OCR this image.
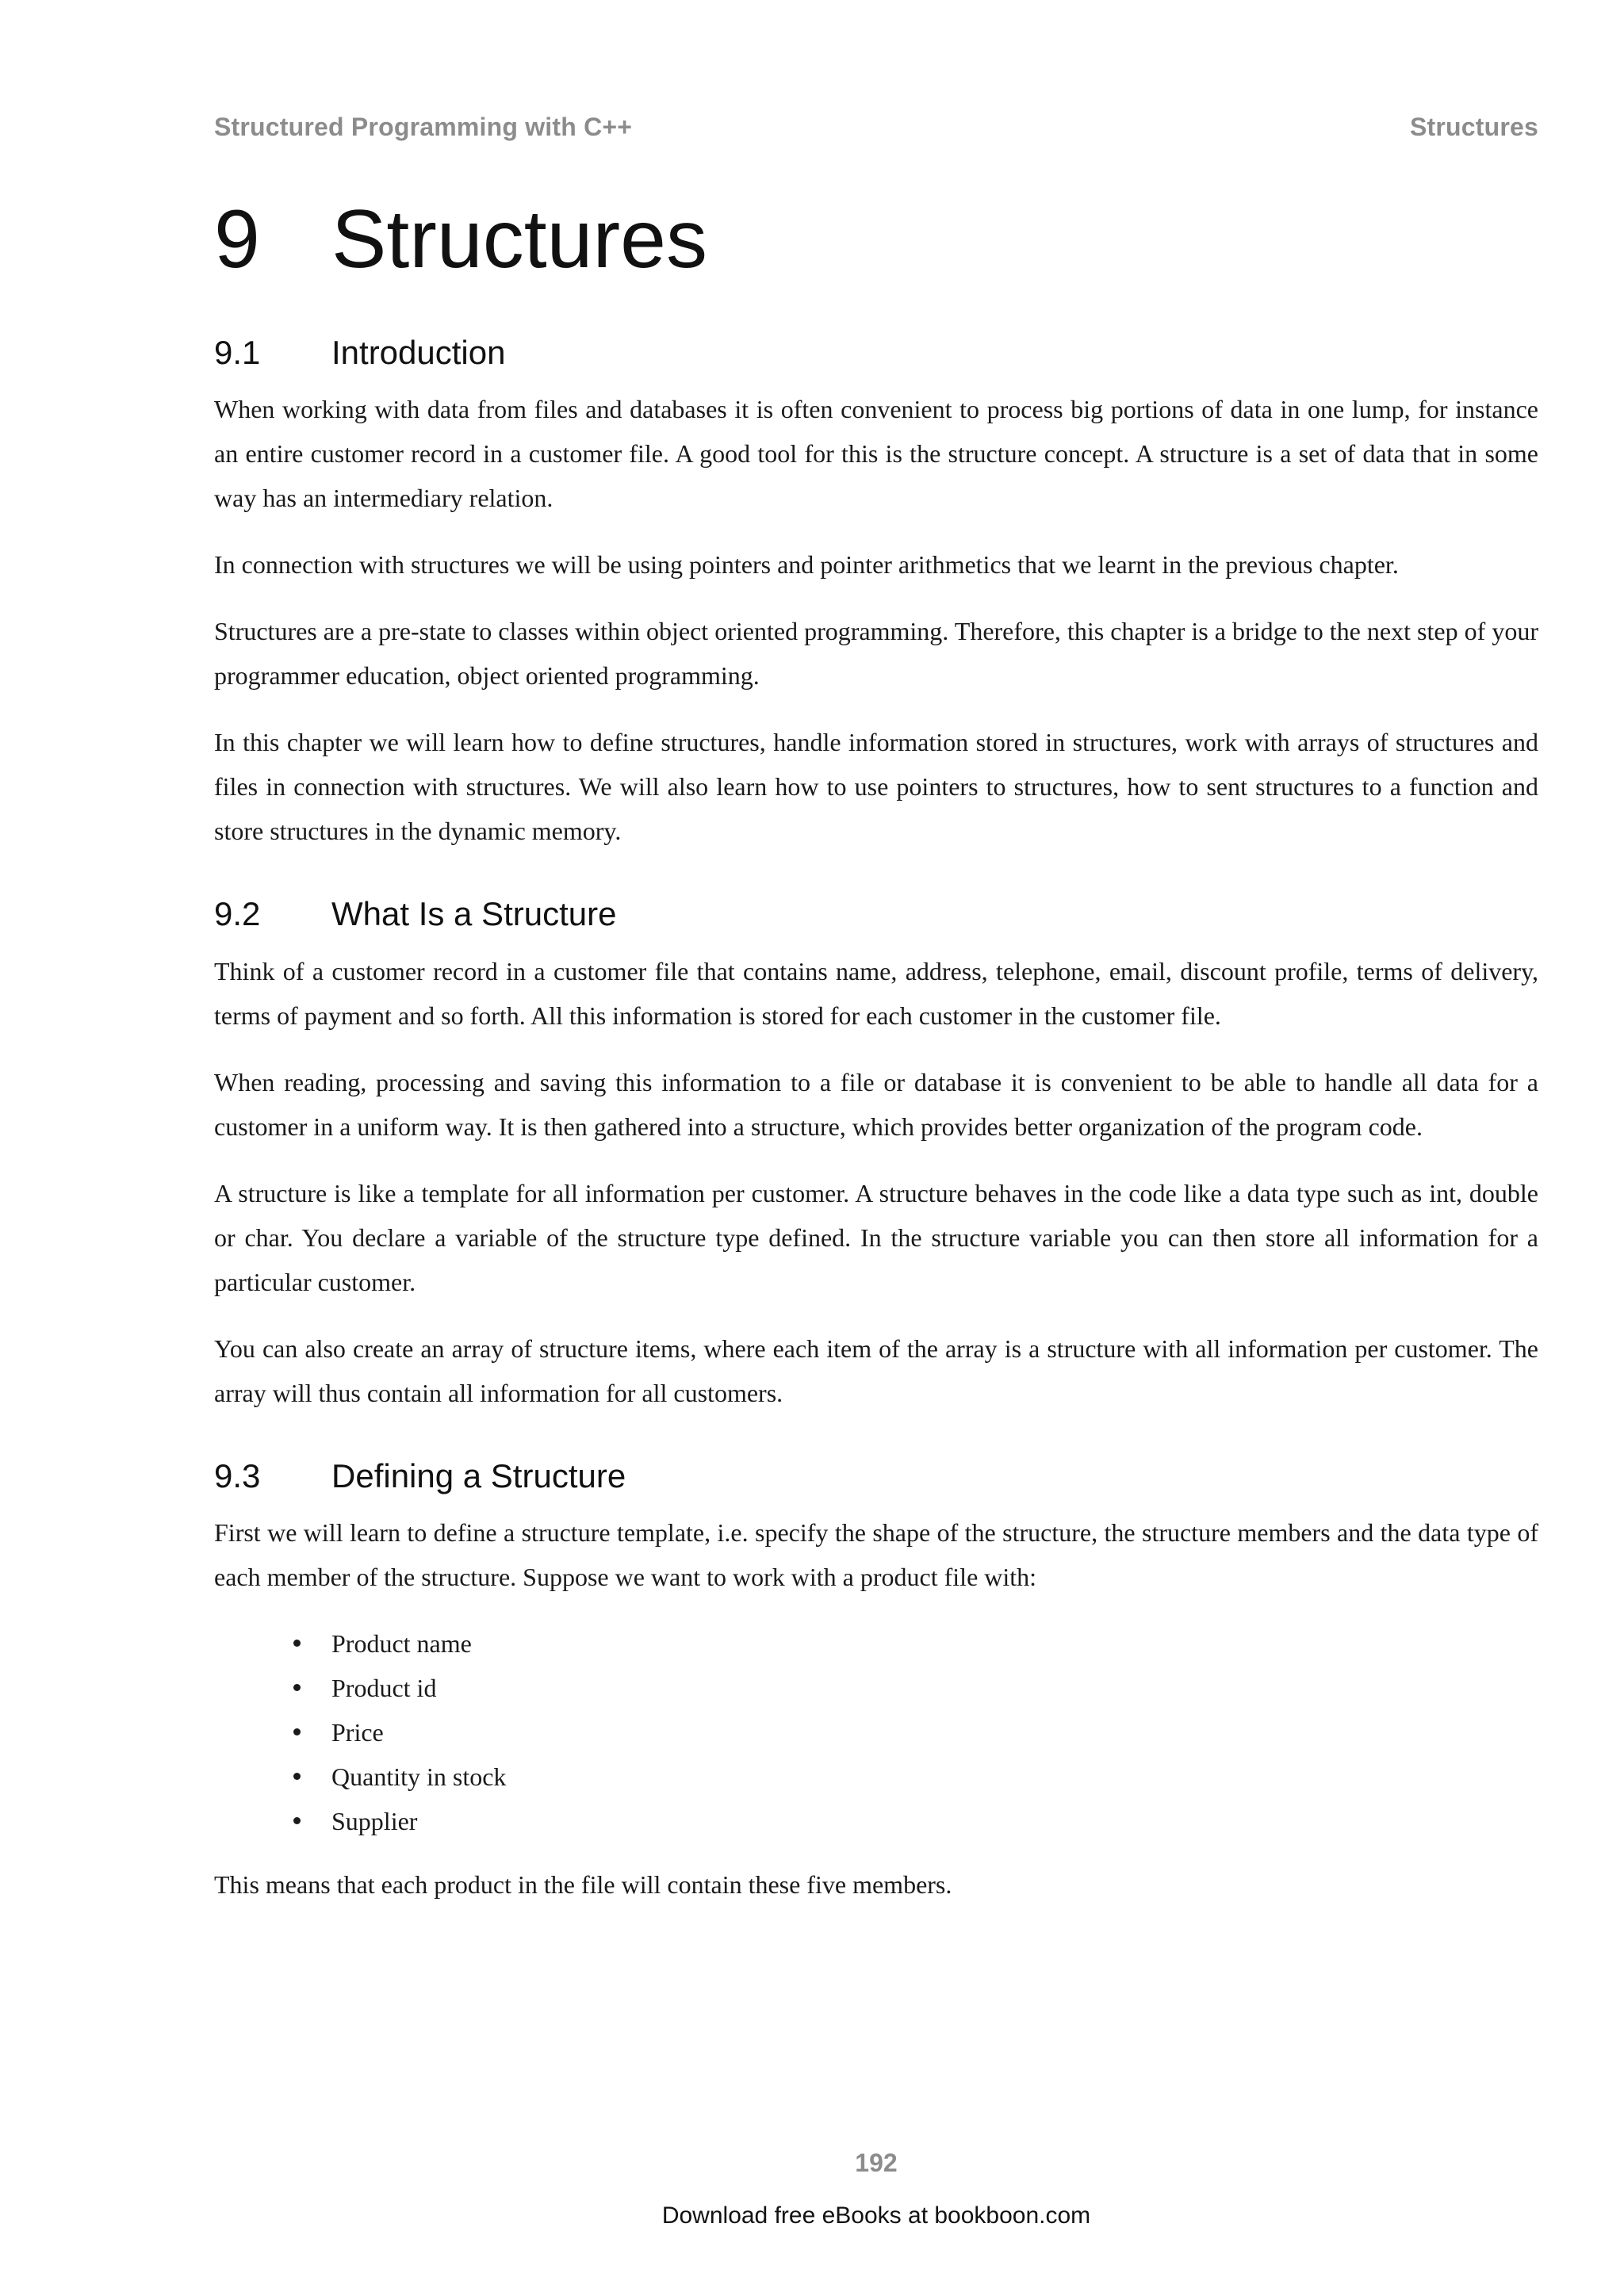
Structured Programming with C++	Structures
9 Structures
9.1 Introduction

When working with data from files and databases it is often convenient to process big portions of data in one lump, for instance an entire customer record in a customer file. A good tool for this is the structure concept. A structure is a set of data that in some way has an intermediary relation.

In connection with structures we will be using pointers and pointer arithmetics that we learnt in the previous chapter.

Structures are a pre-state to classes within object oriented programming. Therefore, this chapter is a bridge to the next step of your programmer education, object oriented programming.

In this chapter we will learn how to define structures, handle information stored in structures, work with arrays of structures and files in connection with structures. We will also learn how to use pointers to structures, how to sent structures to a function and store structures in the dynamic memory.

9.2 What Is a Structure

Think of a customer record in a customer file that contains name, address, telephone, email, discount profile, terms of delivery, terms of payment and so forth. All this information is stored for each customer in the customer file.

When reading, processing and saving this information to a file or database it is convenient to be able to handle all data for a customer in a uniform way. It is then gathered into a structure, which provides better organization of the program code.

A structure is like a template for all information per customer. A structure behaves in the code like a data type such as int, double or char. You declare a variable of the structure type defined. In the structure variable you can then store all information for a particular customer.

You can also create an array of structure items, where each item of the array is a structure with all information per customer. The array will thus contain all information for all customers.

9.3 Defining a Structure

First we will learn to define a structure template, i.e. specify the shape of the structure, the structure members and the data type of each member of the structure. Suppose we want to work with a product file with:

Product name
Product id
Price
Quantity in stock
Supplier

This means that each product in the file will contain these five members.

192
Download free eBooks at bookboon.com
